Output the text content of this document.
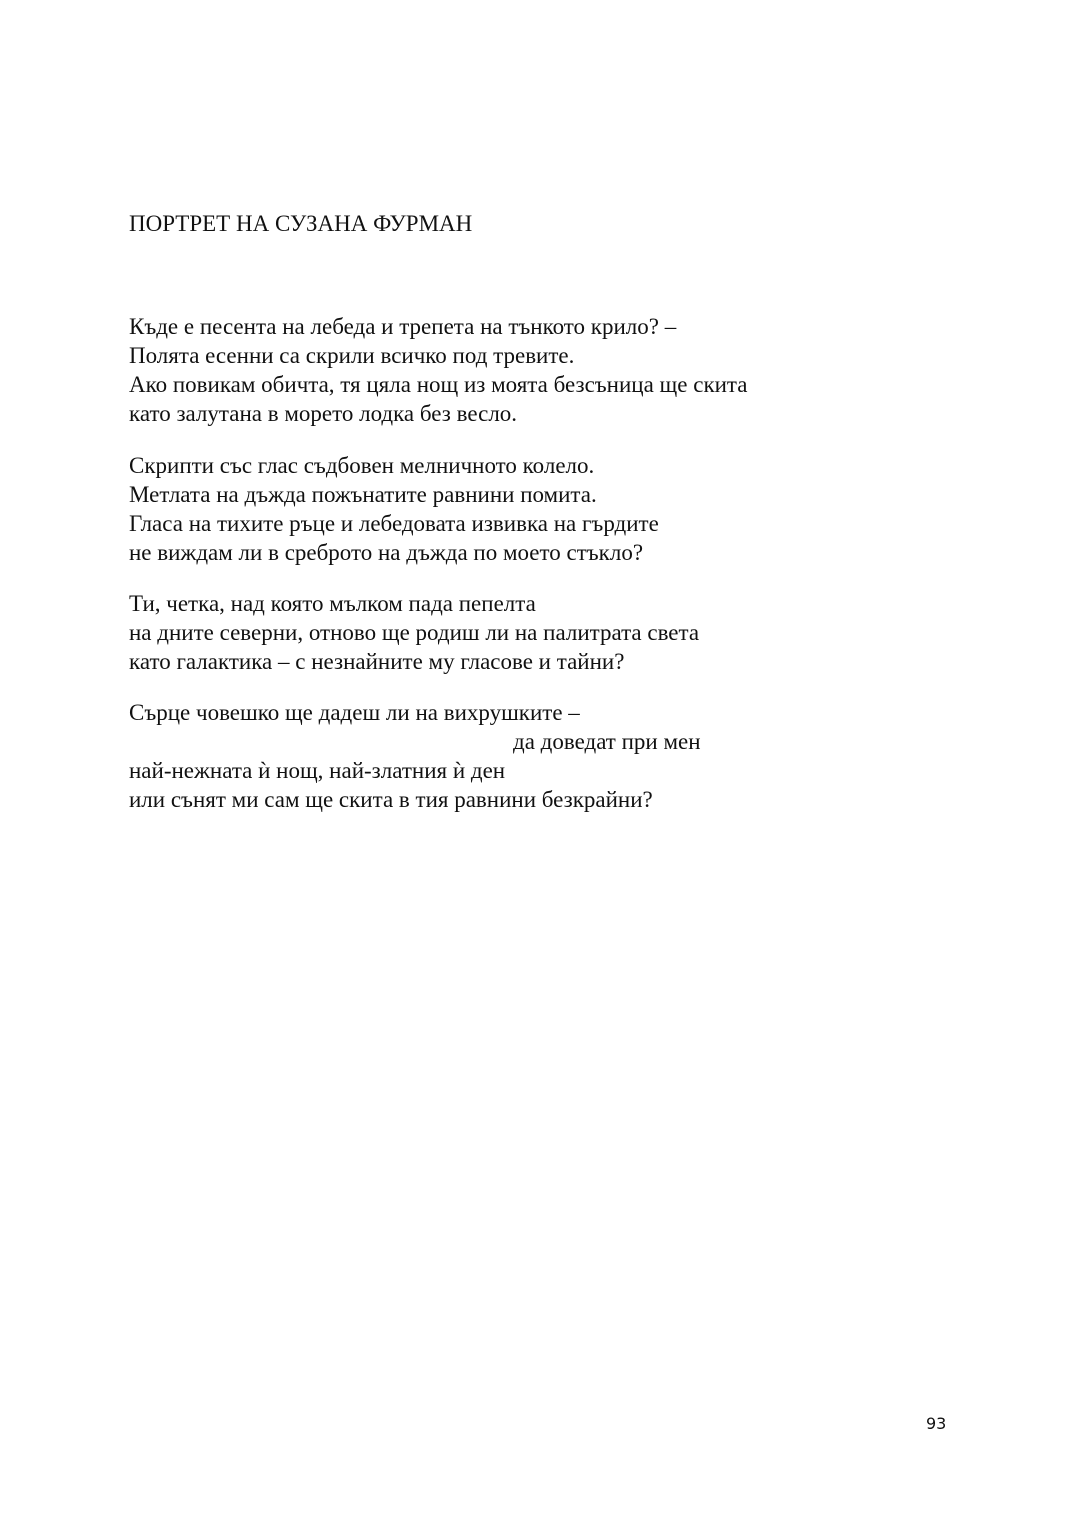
ПОРТРЕТ НА СУЗАНА ФУРМАН
Къде е песента на лебеда и трепета на тънкото крило? –
Полята есенни са скрили всичко под тревите.
Ако повикам обичта, тя цяла нощ из моята безсъница ще скита
като залутана в морето лодка без весло.
Скрипти със глас съдбовен мелничното колело.
Метлата на дъжда пожънатите равнини помита.
Гласа на тихите ръце и лебедовата извивка на гърдите
не виждам ли в среброто на дъжда по моето стъкло?
Ти, четка, над която мълком пада пепелта
на дните северни, отново ще родиш ли на палитрата света
като галактика – с незнайните му гласове и тайни?
Сърце човешко ще дадеш ли на вихрушките –
да доведат при мен
най-нежната ѝ нощ, най-златния ѝ ден
или сънят ми сам ще скита в тия равнини безкрайни?
93
